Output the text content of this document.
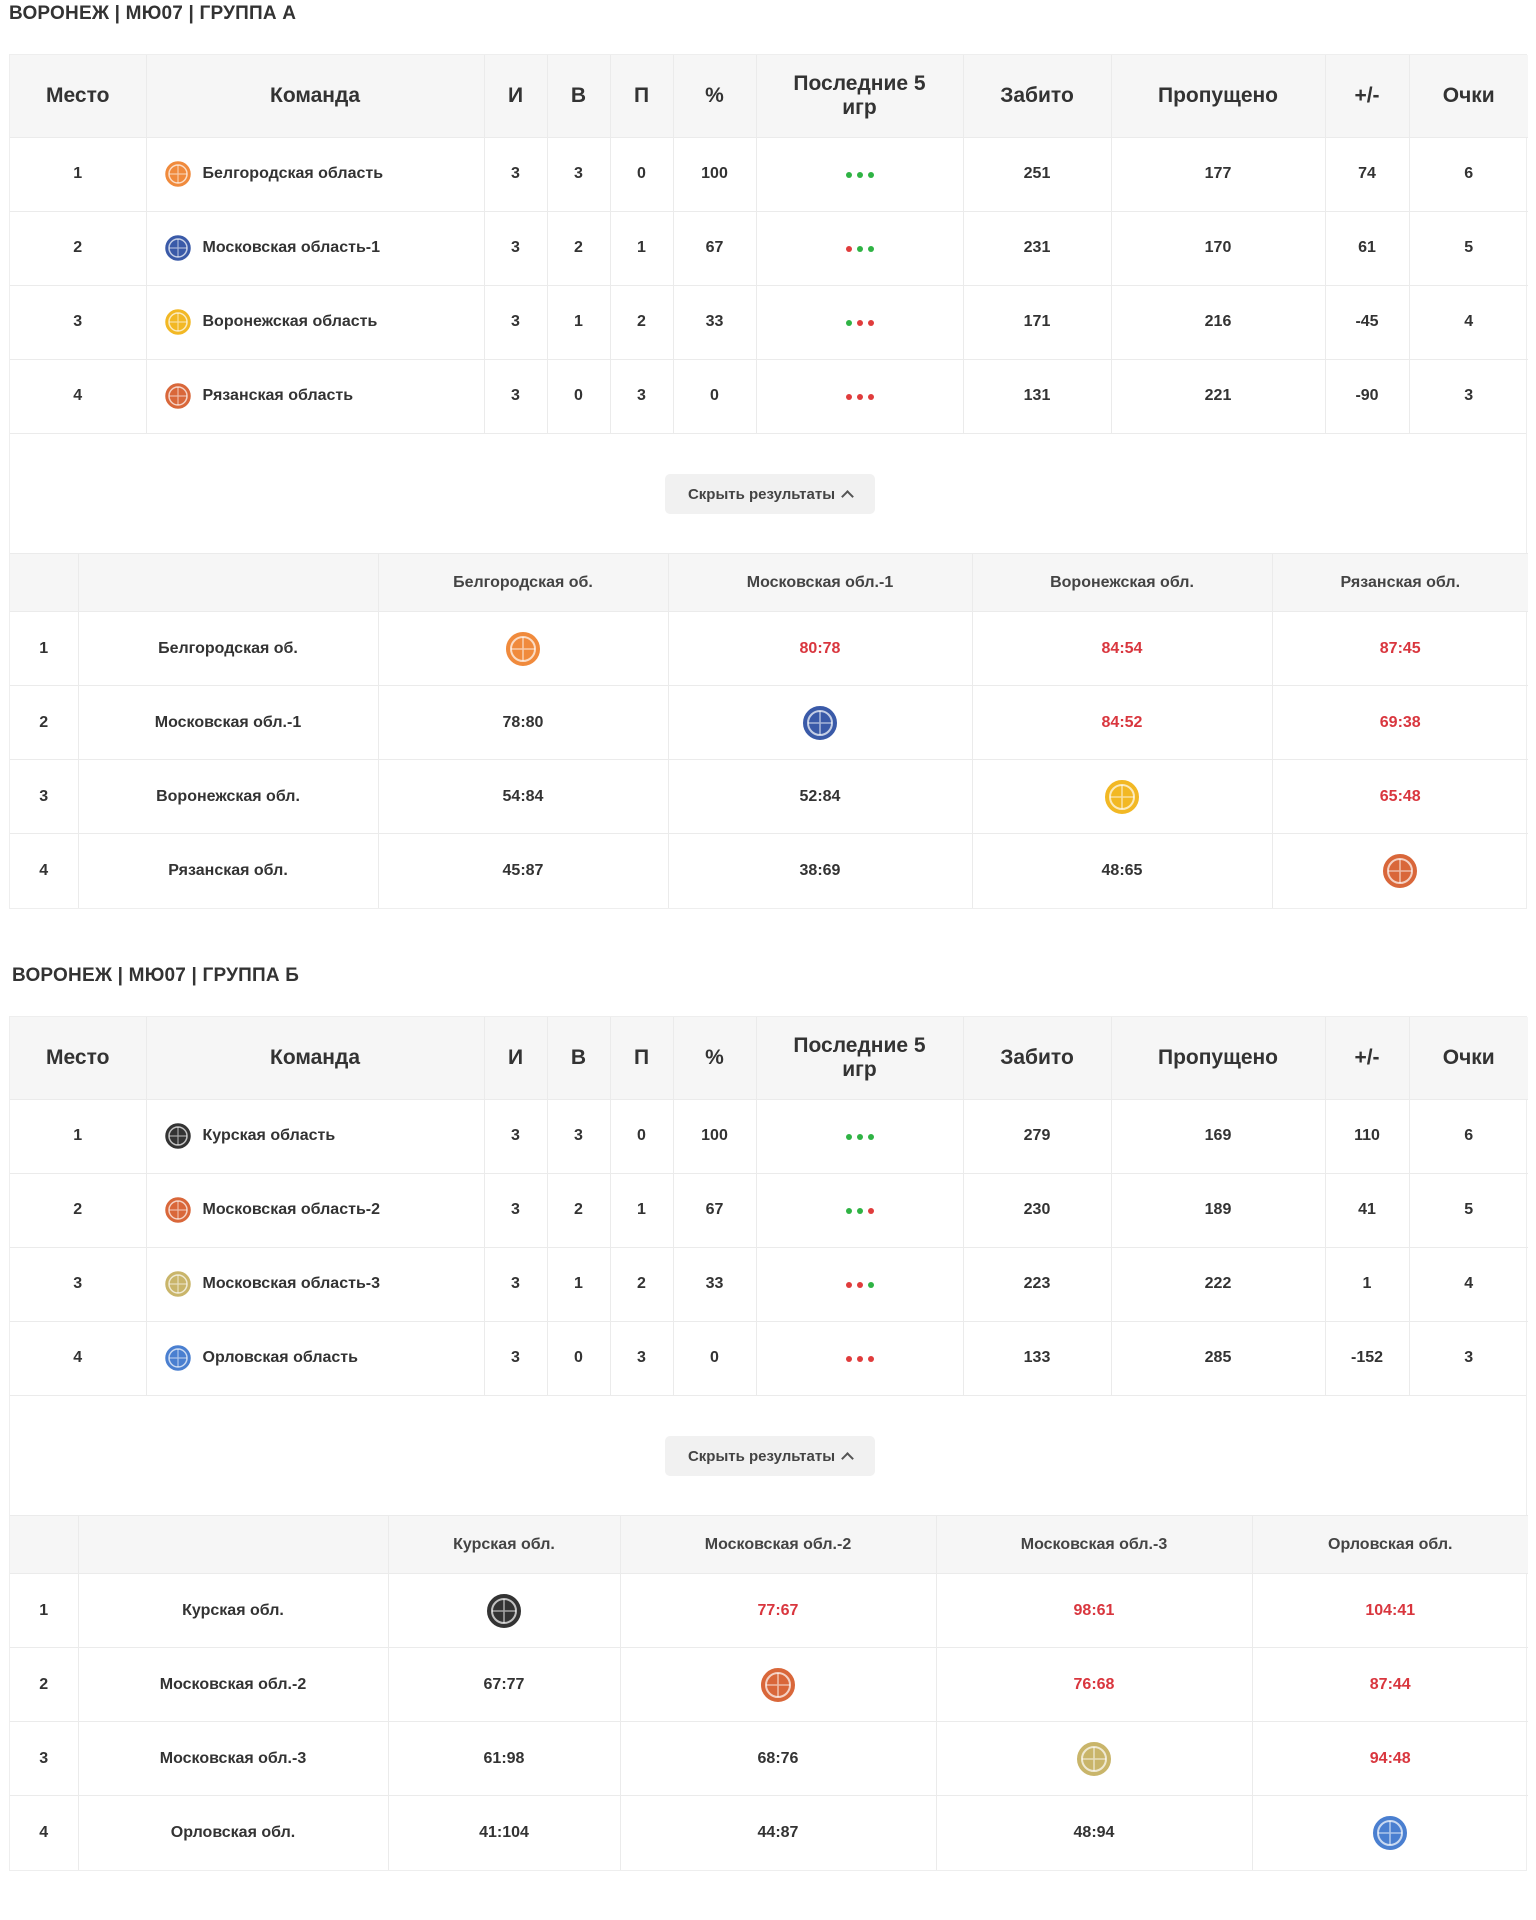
ВОРОНЕЖ | МЮ07 | ГРУППА А
Место	Команда	И	В	П	%	Последние 5 игр	Забито	Пропущено	+/-	Очки
1	Белгородская область	3	3	0	100		251	177	74	6
2	Московская область-1	3	2	1	67		231	170	61	5
3	Воронежская область	3	1	2	33		171	216	-45	4
4	Рязанская область	3	0	3	0		131	221	-90	3
Скрыть результаты
		Белгородская об.	Московская обл.-1	Воронежская обл.	Рязанская обл.
1	Белгородская об.		80:78	84:54	87:45
2	Московская обл.-1	78:80		84:52	69:38
3	Воронежская обл.	54:84	52:84		65:48
4	Рязанская обл.	45:87	38:69	48:65	
ВОРОНЕЖ | МЮ07 | ГРУППА Б
Место	Команда	И	В	П	%	Последние 5 игр	Забито	Пропущено	+/-	Очки
1	Курская область	3	3	0	100		279	169	110	6
2	Московская область-2	3	2	1	67		230	189	41	5
3	Московская область-3	3	1	2	33		223	222	1	4
4	Орловская область	3	0	3	0		133	285	-152	3
Скрыть результаты
		Курская обл.	Московская обл.-2	Московская обл.-3	Орловская обл.
1	Курская обл.		77:67	98:61	104:41
2	Московская обл.-2	67:77		76:68	87:44
3	Московская обл.-3	61:98	68:76		94:48
4	Орловская обл.	41:104	44:87	48:94	
